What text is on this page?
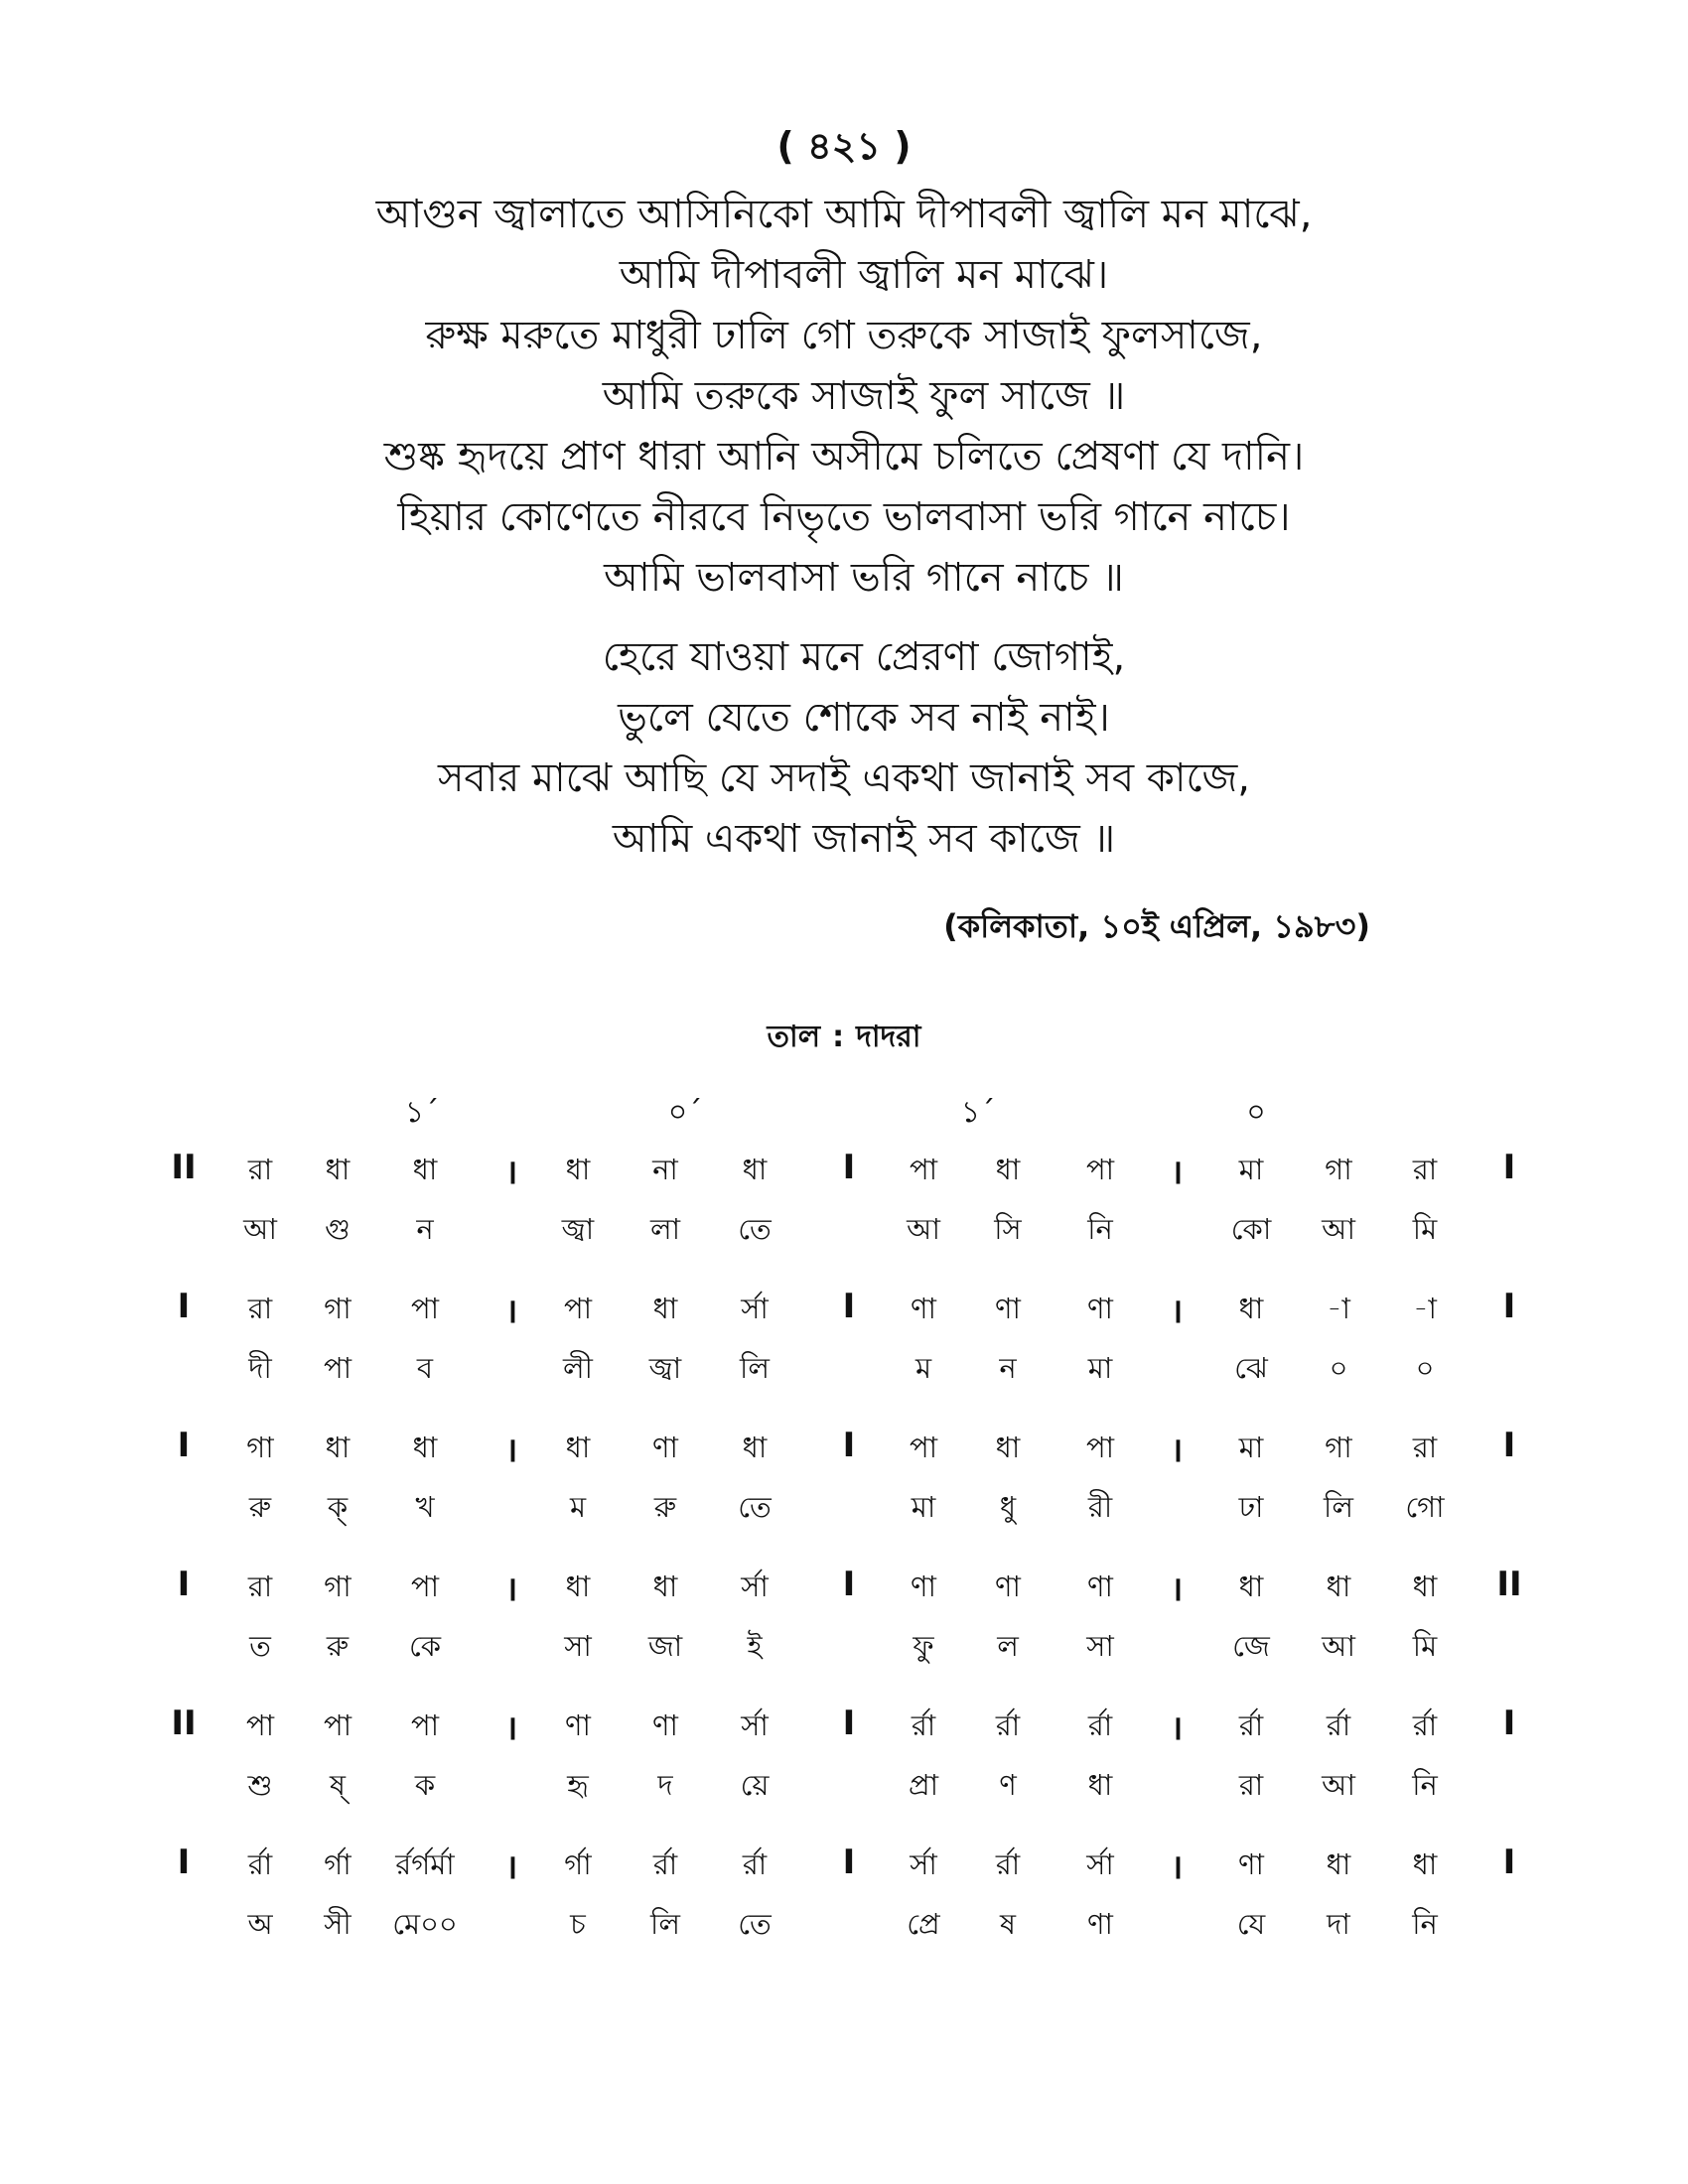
( ৪২১ )
আগুন জ্বালাতে আসিনিকো আমি দীপাবলী জ্বালি মন মাঝে,
আমি দীপাবলী জ্বালি মন মাঝে।
রুক্ষ মরুতে মাধুরী ঢালি গো তরুকে সাজাই ফুলসাজে,
আমি তরুকে সাজাই ফুল সাজে ॥
শুষ্ক হৃদয়ে প্রাণ ধারা আনি অসীমে চলিতে প্রেষণা যে দানি।
হিয়ার কোণেতে নীরবে নিভৃতে ভালবাসা ভরি গানে নাচে।
আমি ভালবাসা ভরি গানে নাচে ॥
হেরে যাওয়া মনে প্রেরণা জোগাই,
ভুলে যেতে শোকে সব নাই নাই।
সবার মাঝে আছি যে সদাই একথা জানাই সব কাজে,
আমি একথা জানাই সব কাজে ॥
(কলিকাতা, ১০ই এপ্রিল, ১৯৮৩)
তাল : দাদরা
১´	০´	১´	০
II	।	I	।	I
রা	ধা	ধা	ধা	না	ধা	পা	ধা	পা	মা	গা	রা
আ	গু	ন	জ্বা	লা	তে	আ	সি	নি	কো	আ	মি
I	।	I	।	I
রা	গা	পা	পা	ধা	র্সা	ণা	ণা	ণা	ধা	-া	-া
দী	পা	ব	লী	জ্বা	লি	ম	ন	মা	ঝে	০	০
I	।	I	।	I
গা	ধা	ধা	ধা	ণা	ধা	পা	ধা	পা	মা	গা	রা
রু	ক্	খ	ম	রু	তে	মা	ধু	রী	ঢা	লি	গো
I	।	I	।	II
রা	গা	পা	ধা	ধা	র্সা	ণা	ণা	ণা	ধা	ধা	ধা
ত	রু	কে	সা	জা	ই	ফু	ল	সা	জে	আ	মি
II	।	I	।	I
পা	পা	পা	ণা	ণা	র্সা	র্রা	র্রা	র্রা	র্রা	র্রা	র্রা
শু	ষ্	ক	হৃ	দ	য়ে	প্রা	ণ	ধা	রা	আ	নি
I	।	I	।	I
র্রা	র্গা	র্রর্গর্মা	র্গা	র্রা	র্রা	র্সা	র্রা	র্সা	ণা	ধা	ধা
অ	সী	মে০০	চ	লি	তে	প্রে	ষ	ণা	যে	দা	নি
